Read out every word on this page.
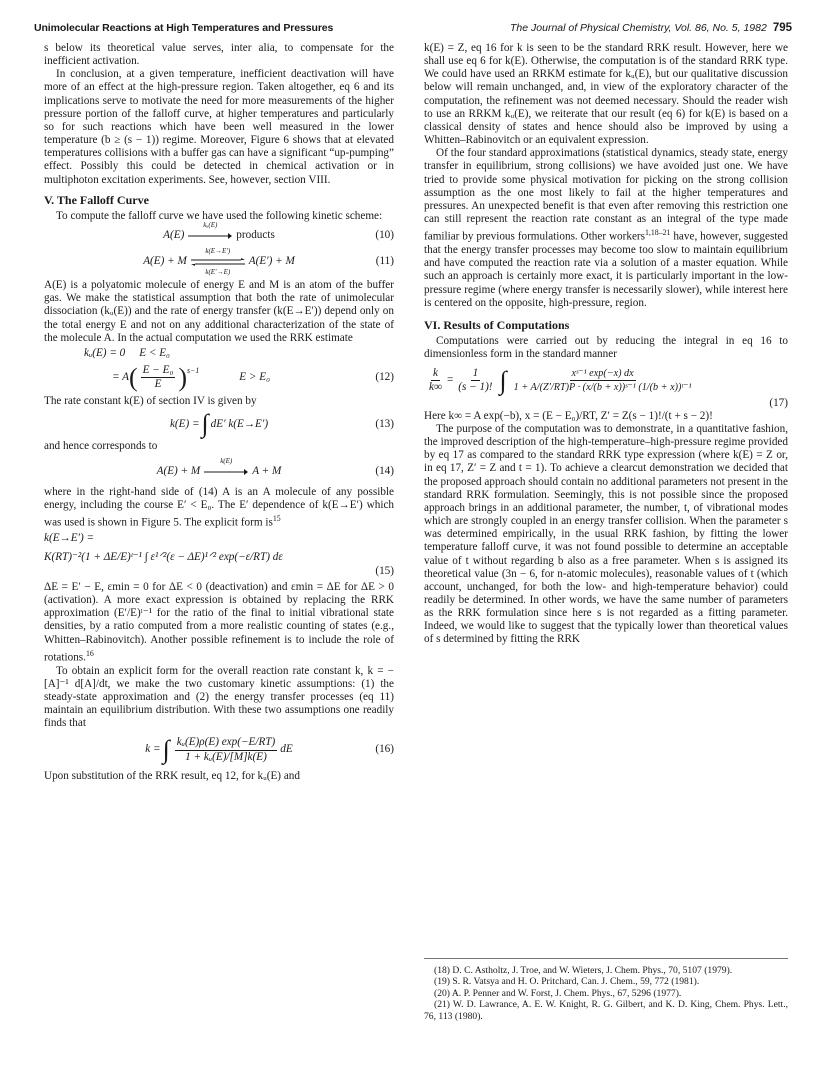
Unimolecular Reactions at High Temperatures and Pressures	The Journal of Physical Chemistry, Vol. 86, No. 5, 1982 795

s below its theoretical value serves, inter alia, to compensate for the inefficient activation.

In conclusion, at a given temperature, inefficient deactivation will have more of an effect at the high-pressure region. Taken altogether, eq 6 and its implications serve to motivate the need for more measurements of the higher pressure portion of the falloff curve, at higher temperatures and particularly so for such reactions which have been well measured in the lower temperature (b ≥ (s − 1)) regime. Moreover, Figure 6 shows that at elevated temperatures collisions with a buffer gas can have a significant “up-pumping” effect. Possibly this could be detected in chemical activation or in multiphoton excitation experiments. See, however, section VIII.

V. The Falloff Curve

To compute the falloff curve we have used the following kinetic scheme:

A(E)
kᵤ(E)
products	(10)
A(E) + M
k(E→E′)
k(E′→E)
A(E′) + M	(11)

A(E) is a polyatomic molecule of energy E and M is an atom of the buffer gas. We make the statistical assumption that both the rate of unimolecular dissociation (kᵤ(E)) and the rate of energy transfer (k(E→E′)) depend only on the total energy E and not on any additional characterization of the state of the molecule A. In the actual computation we used the RRK estimate

kᵤ(E) = 0     E < E₀
= A ( $\frac{\text{E − E₀}}{E} )^{s-1}$
E > E₀	(12)

The rate constant k(E) of section IV is given by

k(E) = ∫ dE′ k(E→E′)	(13)

and hence corresponds to

A(E) + M
k(E)
A + M	(14)

where in the right-hand side of (14) A is an A molecule of any possible energy, including the course E′ < E₀. The E′ dependence of k(E→E′) which was used is shown in Figure 5. The explicit form $is^{15}$

k(E→E′) =
K(RT)⁻²(1 + ΔE/E)ᵗ⁻¹ ∫ ε¹ᐟ²(ε − ΔE)¹ᐟ² exp(−ε/RT) dε
(15)

ΔE = E′ − E, εmin = 0 for ΔE < 0 (deactivation) and εmin = ΔE for ΔE > 0 (activation). A more exact expression is obtained by replacing the RRK approximation (E′/E)ᵗ⁻¹ for the ratio of the final to initial vibrational state densities, by a ratio computed from a more realistic counting of states (e.g., Whitten–Rabinovitch). Another possible refinement is to include the role of rotations.$^{16}$

To obtain an explicit form for the overall reaction rate constant k, k = −[A]⁻¹ d[A]/dt, we make the two customary kinetic assumptions: (1) the steady-state approximation and (2) the energy transfer processes (eq 11) maintain an equilibrium distribution. With these two assumptions one readily finds that

k = ∫ $\frac{\text{kᵤ(E)ρ(E) exp(−E/RT)}}{\text{1 + kᵤ(E)/[M]k(E)}}$ dE	(16)

Upon substitution of the RRK result, eq 12, for kᵤ(E) and

k(E) = Z, eq 16 for k is seen to be the standard RRK result. However, here we shall use eq 6 for k(E). Otherwise, the computation is of the standard RRK type. We could have used an RRKM estimate for kᵤ(E), but our qualitative discussion below will remain unchanged, and, in view of the exploratory character of the computation, the refinement was not deemed necessary. Should the reader wish to use an RRKM kᵤ(E), we reiterate that our result (eq 6) for k(E) is based on a classical density of states and hence should also be improved by using a Whitten–Rabinovitch or an equivalent expression.

Of the four standard approximations (statistical dynamics, steady state, energy transfer in equilibrium, strong collisions) we have avoided just one. We have tried to provide some physical motivation for picking on the strong collision assumption as the one most likely to fail at the higher temperatures and pressures. An unexpected benefit is that even after removing this restriction one can still represent the reaction rate constant as an integral of the type made familiar by previous formulations. Other workers$^{1,18-21}$ have, however, suggested that the energy transfer processes may become too slow to maintain equilibrium and have computed the reaction rate via a solution of a master equation. While such an approach is certainly more exact, it is particularly important in the low-pressure regime (where energy transfer is necessarily slower), while interest here is centered on the opposite, high-pressure, region.

VI. Results of Computations

Computations were carried out by reducing the integral in eq 16 to dimensionless form in the standard manner

$\frac{k}{k\infty} = \frac{1}{(s - 1)!}$ ∫ $\frac{\text{xˢ⁻¹ exp(−x) dx}}{\text{1 + A/(Z′/RT)P · (x/(b + x))ˢ⁻¹ (1/(b + x))ᵗ⁻¹}}$
(17)

Here k∞ = A exp(−b), x = (E − E₀)/RT, Z′ = Z(s − 1)!/(t + s − 2)!

The purpose of the computation was to demonstrate, in a quantitative fashion, the improved description of the high-temperature–high-pressure regime provided by eq 17 as compared to the standard RRK type expression (where k(E) = Z or, in eq 17, Z′ = Z and t = 1). To achieve a clearcut demonstration we decided that the proposed approach should contain no additional parameters not present in the standard RRK formulation. Seemingly, this is not possible since the proposed approach brings in an additional parameter, the number, t, of vibrational modes which are strongly coupled in an energy transfer collision. When the parameter s was determined empirically, in the usual RRK fashion, by fitting the lower temperature falloff curve, it was not found possible to determine an acceptable value of t without regarding b also as a free parameter. When s is assigned its theoretical value (3n − 6, for n-atomic molecules), reasonable values of t (which account, unchanged, for both the low- and high-temperature behavior) could readily be determined. In other words, we have the same number of parameters as the RRK formulation since here s is not regarded as a fitting parameter. Indeed, we would like to suggest that the typically lower than theoretical values of s determined by fitting the RRK

(18) D. C. Astholtz, J. Troe, and W. Wieters, J. Chem. Phys., 70, 5107 (1979).
(19) S. R. Vatsya and H. O. Pritchard, Can. J. Chem., 59, 772 (1981).
(20) A. P. Penner and W. Forst, J. Chem. Phys., 67, 5296 (1977).
(21) W. D. Lawrance, A. E. W. Knight, R. G. Gilbert, and K. D. King, Chem. Phys. Lett., 76, 113 (1980).
